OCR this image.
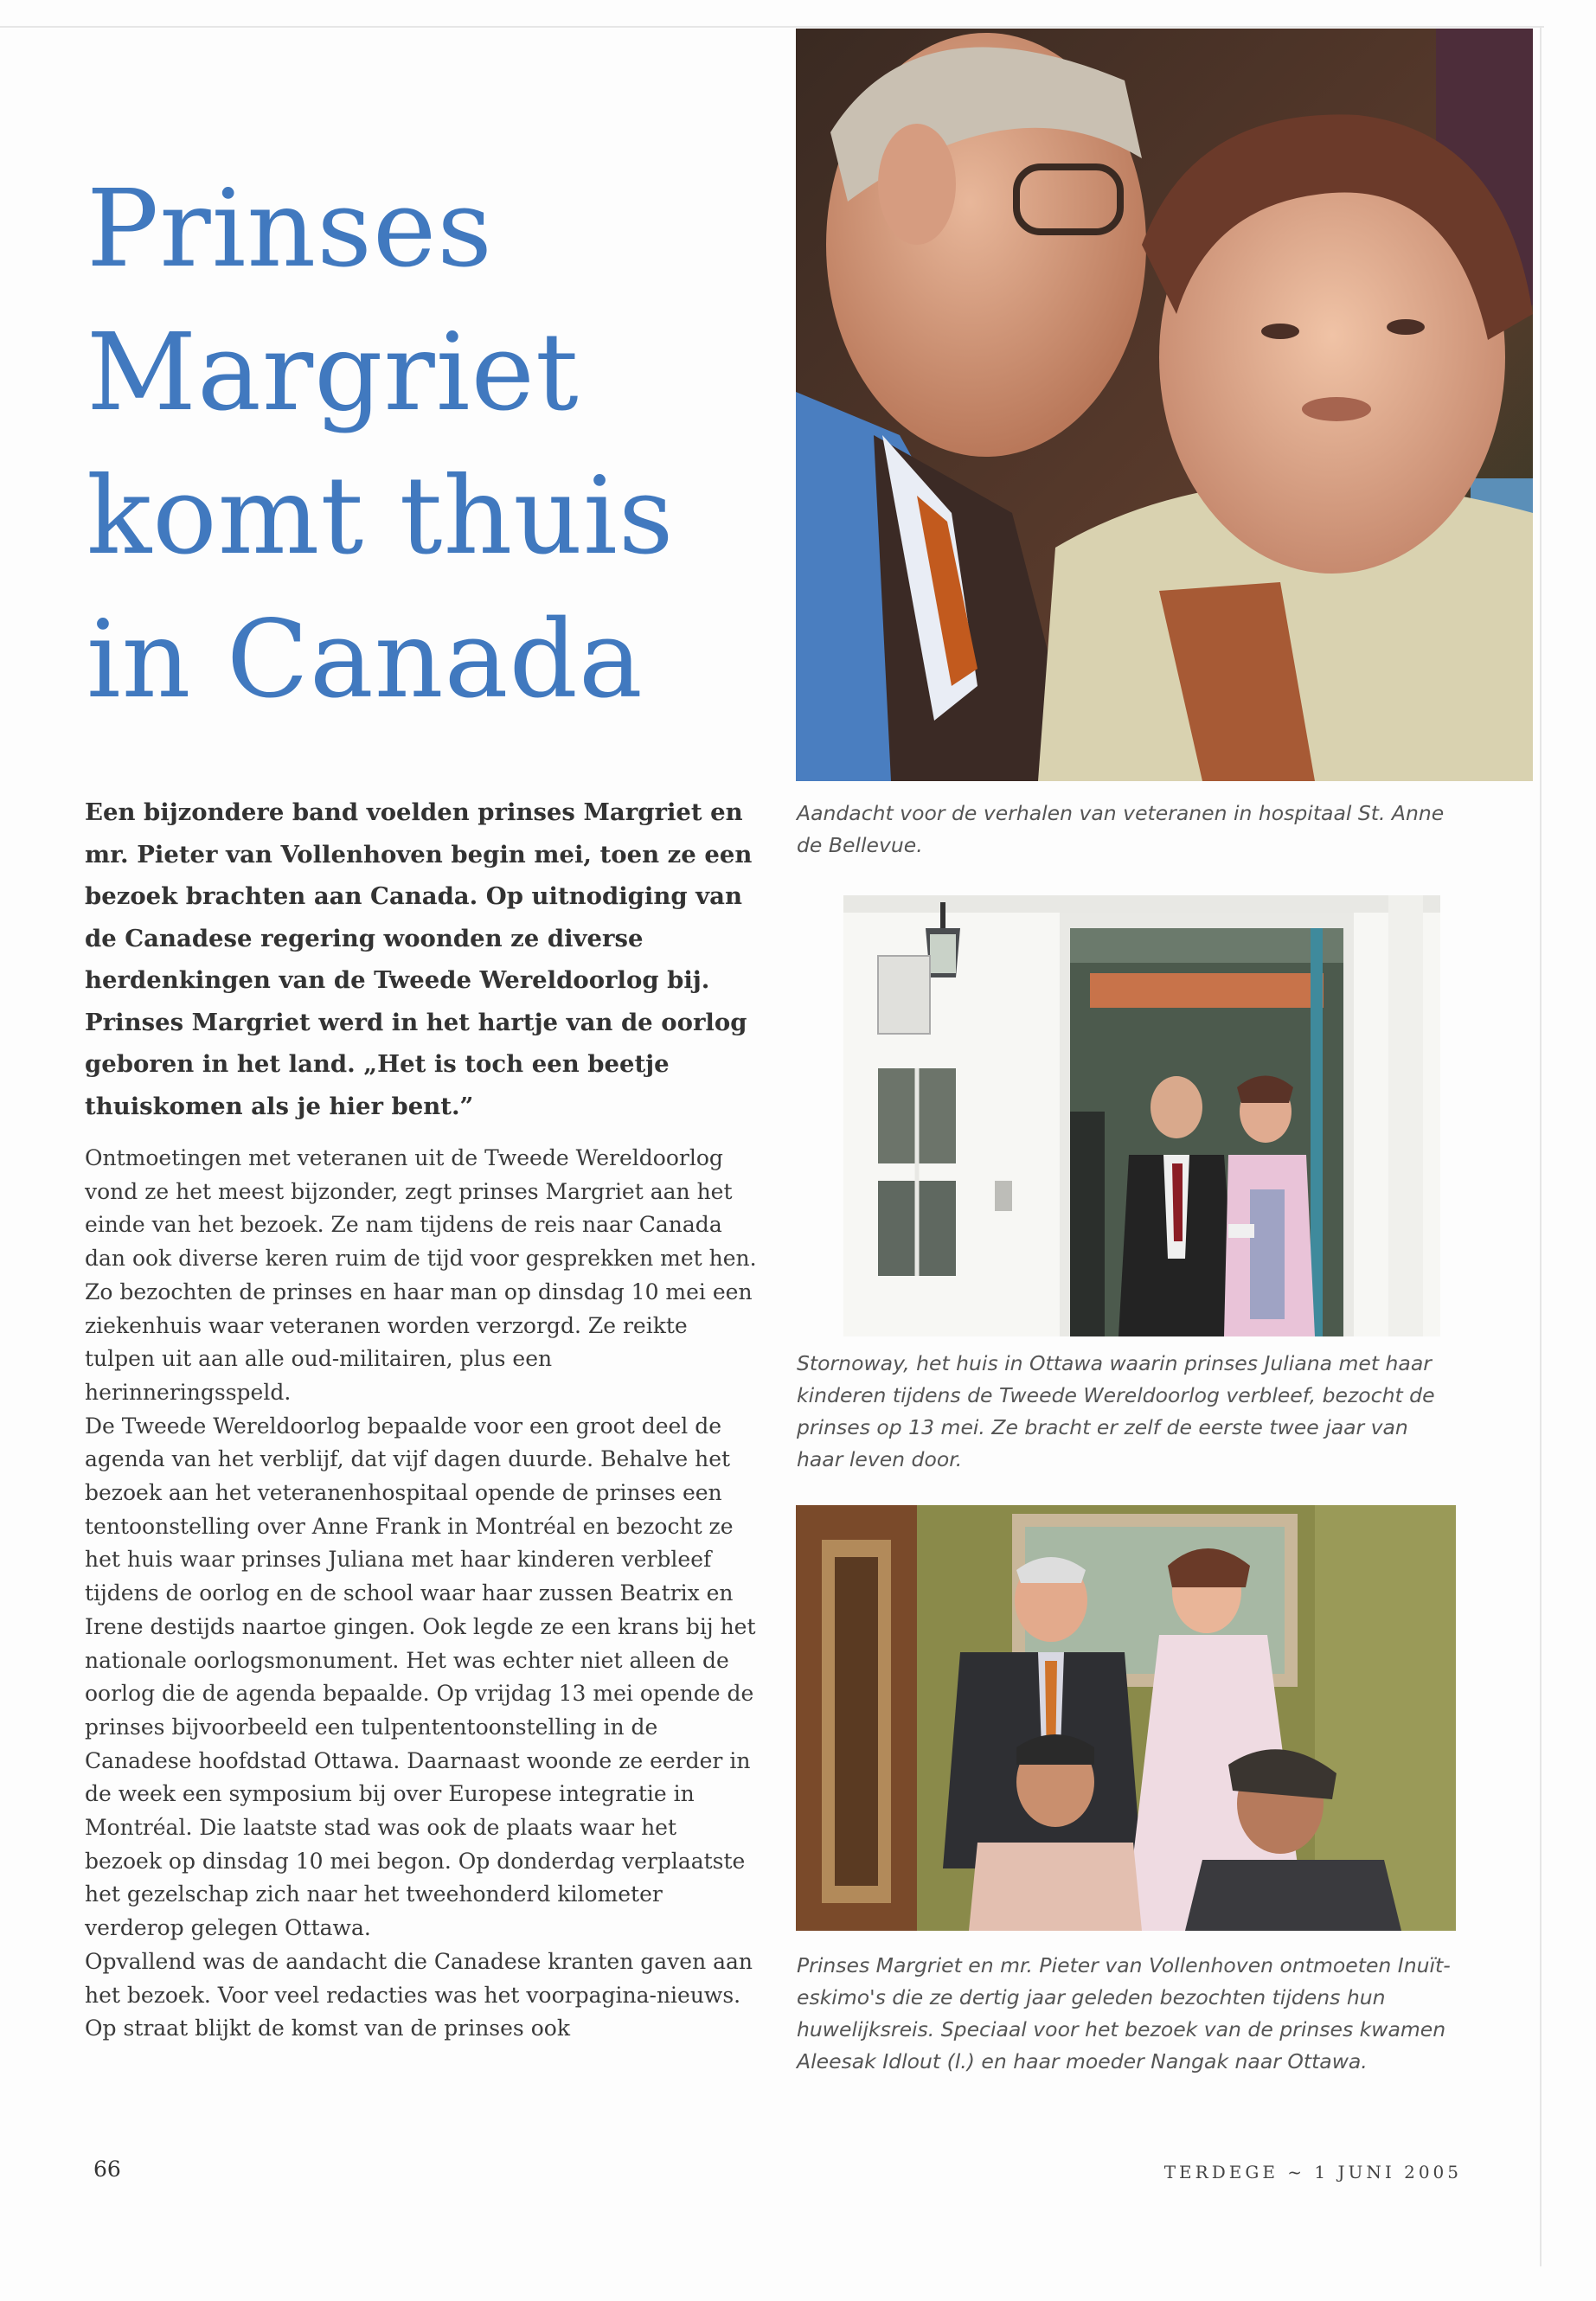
Prinses
Margriet
komt thuis
in Canada

Een bijzondere band voelden prinses Margriet en mr. Pieter van Vollenhoven begin mei, toen ze een bezoek brachten aan Canada. Op uitnodiging van de Canadese regering woonden ze diverse herdenkingen van de Tweede Wereldoorlog bij. Prinses Margriet werd in het hartje van de oorlog geboren in het land. „Het is toch een beetje thuiskomen als je hier bent.”

Ontmoetingen met veteranen uit de Tweede Wereldoorlog vond ze het meest bijzonder, zegt prinses Margriet aan het einde van het bezoek. Ze nam tijdens de reis naar Canada dan ook diverse keren ruim de tijd voor gesprekken met hen. Zo bezochten de prinses en haar man op dinsdag 10 mei een ziekenhuis waar veteranen worden verzorgd. Ze reikte tulpen uit aan alle oud-militairen, plus een herinneringsspeld.

De Tweede Wereldoorlog bepaalde voor een groot deel de agenda van het verblijf, dat vijf dagen duurde. Behalve het bezoek aan het veteranenhospitaal opende de prinses een tentoonstelling over Anne Frank in Montréal en bezocht ze het huis waar prinses Juliana met haar kinderen verbleef tijdens de oorlog en de school waar haar zussen Beatrix en Irene destijds naartoe gingen. Ook legde ze een krans bij het nationale oorlogsmonument. Het was echter niet alleen de oorlog die de agenda bepaalde. Op vrijdag 13 mei opende de prinses bijvoorbeeld een tulpententoonstelling in de Canadese hoofdstad Ottawa. Daarnaast woonde ze eerder in de week een symposium bij over Europese integratie in Montréal. Die laatste stad was ook de plaats waar het bezoek op dinsdag 10 mei begon. Op donderdag verplaatste het gezelschap zich naar het tweehonderd kilometer verderop gelegen Ottawa.

Opvallend was de aandacht die Canadese kranten gaven aan het bezoek. Voor veel redacties was het voorpagina-nieuws. Op straat blijkt de komst van de prinses ook

Aandacht voor de verhalen van veteranen in hospitaal St. Anne de Bellevue.

Stornoway, het huis in Ottawa waarin prinses Juliana met haar kinderen tijdens de Tweede Wereldoorlog verbleef, bezocht de prinses op 13 mei. Ze bracht er zelf de eerste twee jaar van haar leven door.

Prinses Margriet en mr. Pieter van Vollenhoven ontmoeten Inuït-eskimo's die ze dertig jaar geleden bezochten tijdens hun huwelijksreis. Speciaal voor het bezoek van de prinses kwamen Aleesak Idlout (l.) en haar moeder Nangak naar Ottawa.

66	TERDEGE ~ 1 JUNI 2005
